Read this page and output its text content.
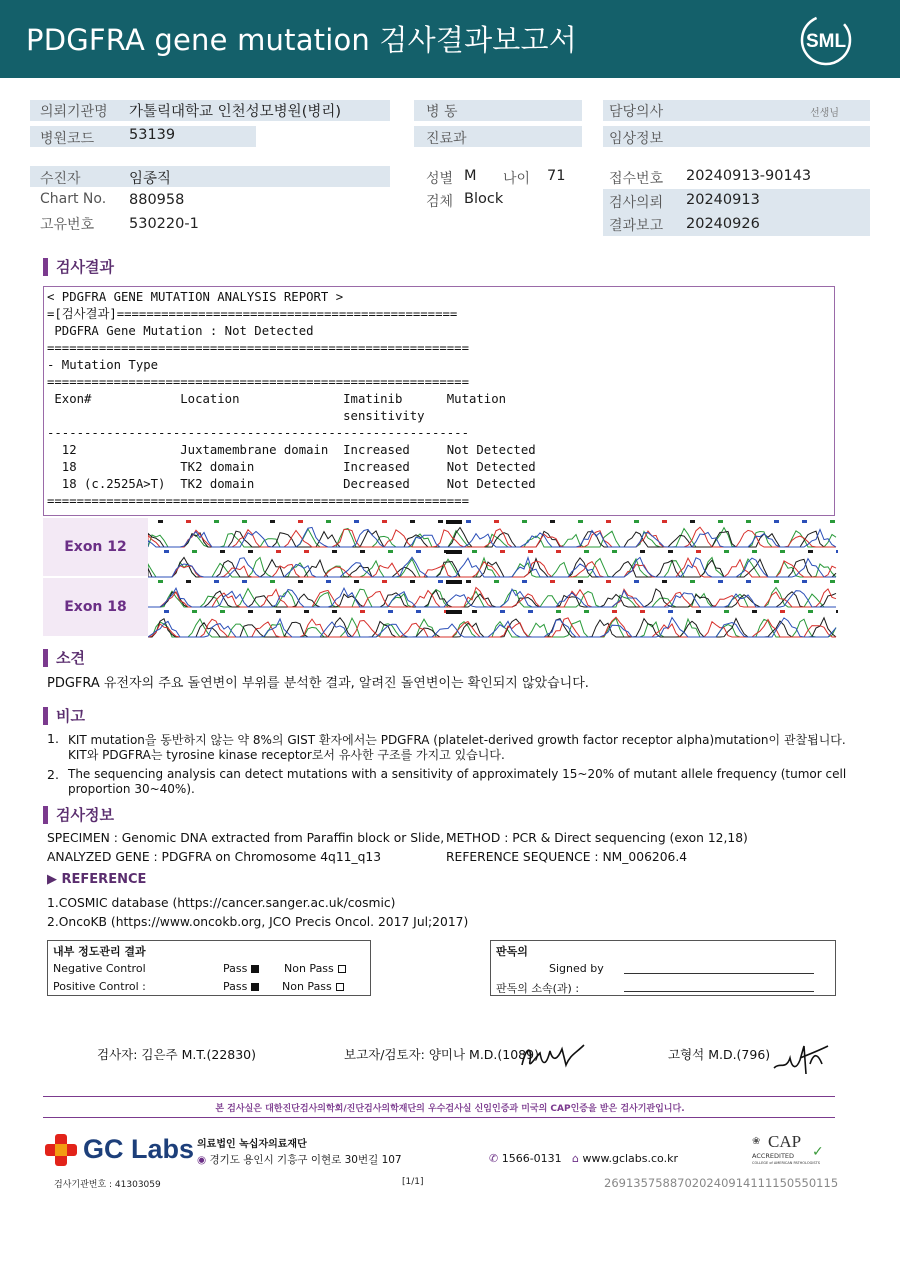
PDGFRA gene mutation 검사결과보고서	SML
의뢰기관명 가톨릭대학교 인천성모병원(병리)
병원코드 53139
병 동
진료과
담당의사	선생님
임상정보
수진자	임종직
Chart No. 880958
고유번호 530220-1
성별 M 나이 71
검체 Block
접수번호 20240913-90143
검사의뢰 20240913
결과보고 20240926
검사결과
< PDGFRA GENE MUTATION ANALYSIS REPORT >
=[검사결과]==============================================
PDGFRA Gene Mutation : Not Detected
=========================================================
- Mutation Type
=========================================================
Exon#            Location              Imatinib      Mutation
sensitivity
---------------------------------------------------------
12              Juxtamembrane domain  Increased     Not Detected
18              TK2 domain            Increased     Not Detected
18 (c.2525A>T)  TK2 domain            Decreased     Not Detected
=========================================================
Exon 12
Exon 18
소견
PDGFRA 유전자의 주요 돌연변이 부위를 분석한 결과, 알려진 돌연변이는 확인되지 않았습니다.
비고
1. KIT mutation을 동반하지 않는 약 8%의 GIST 환자에서는 PDGFRA (platelet-derived growth factor receptor alpha)mutation이 관찰됩니다.
KIT와 PDGFRA는 tyrosine kinase receptor로서 유사한 구조를 가지고 있습니다.
2. The sequencing analysis can detect mutations with a sensitivity of approximately 15~20% of mutant allele frequency (tumor cell
proportion 30~40%).
검사정보
SPECIMEN : Genomic DNA extracted from Paraffin block or Slide, METHOD : PCR & Direct sequencing (exon 12,18)
ANALYZED GENE : PDGFRA on Chromosome 4q11_q13	REFERENCE SEQUENCE : NM_006206.4
▶ REFERENCE
1.COSMIC database (https://cancer.sanger.ac.uk/cosmic)
2.OncoKB (https://www.oncokb.org, JCO Precis Oncol. 2017 Jul;2017)
내부 정도관리 결과
Negative Control	Pass	Non Pass
Positive Control :	Pass	Non Pass
판독의
Signed by
판독의 소속(과) :
검사자: 김은주 M.T.(22830)	보고자/검토자: 양미나 M.D.(1089)	고형석 M.D.(796)
본 검사실은 대한진단검사의학회/진단검사의학재단의 우수검사실 신임인증과 미국의 CAP인증을 받은 검사기관입니다.
GC Labs 의료법인 녹십자의료재단
◉ 경기도 용인시 기흥구 이현로 30번길 107	✆ 1566-0131 ⌂ www.gclabs.co.kr
❀ CAP
ACCREDITED
COLLEGE of AMERICAN PATHOLOGISTS
✓
검사기관번호 : 41303059	[1/1]	26913575887020240914111150550115
